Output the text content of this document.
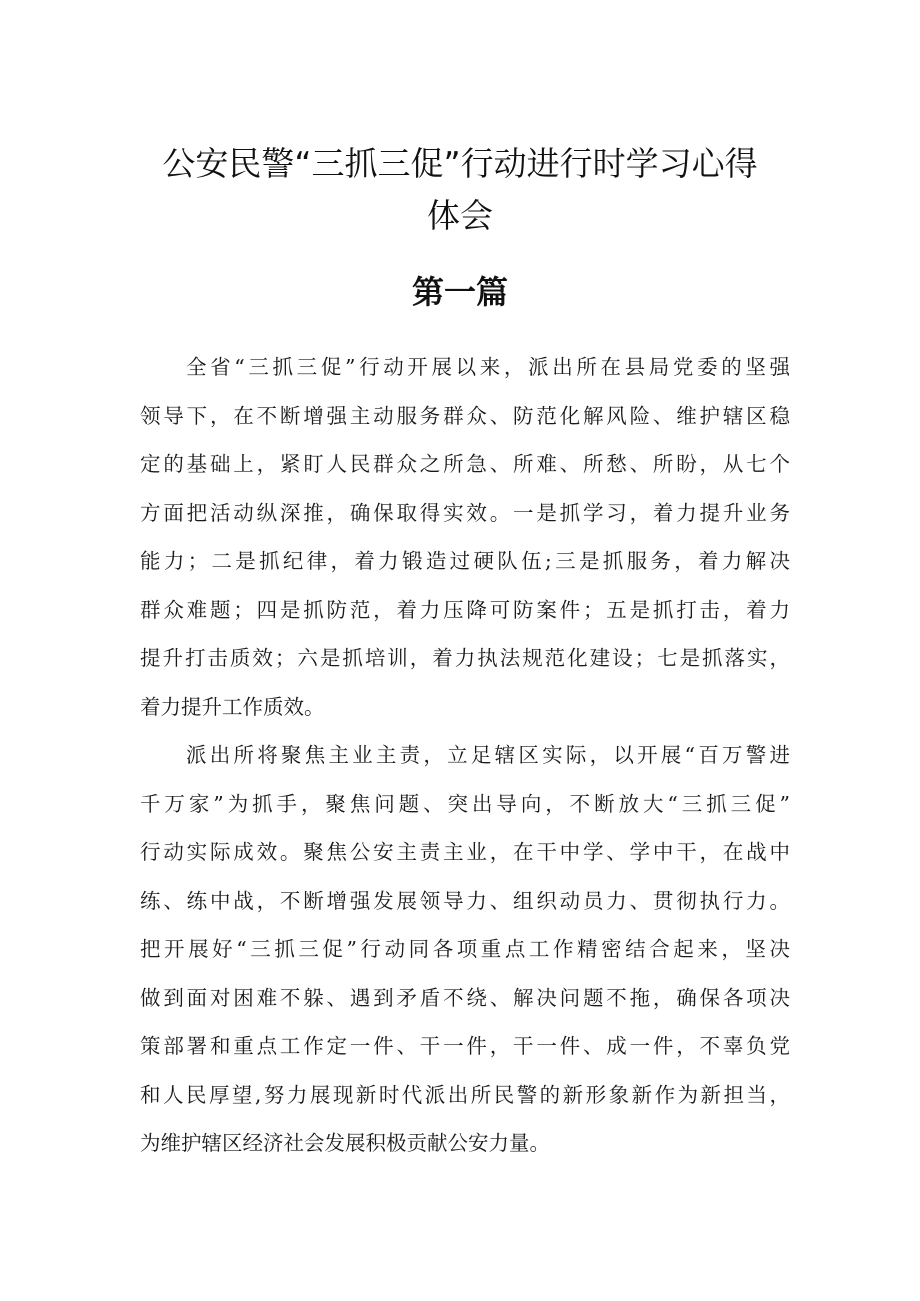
公安民警“三抓三促”行动进行时学习心得
体会
第一篇

全省“三抓三促”行动开展以来，派出所在县局党委的坚强
领导下，在不断增强主动服务群众、防范化解风险、维护辖区稳
定的基础上，紧盯人民群众之所急、所难、所愁、所盼，从七个
方面把活动纵深推，确保取得实效。一是抓学习，着力提升业务
能力；二是抓纪律，着力锻造过硬队伍;三是抓服务，着力解决
群众难题；四是抓防范，着力压降可防案件；五是抓打击，着力
提升打击质效；六是抓培训，着力执法规范化建设；七是抓落实，
着力提升工作质效。

派出所将聚焦主业主责，立足辖区实际，以开展“百万警进
千万家”为抓手，聚焦问题、突出导向，不断放大“三抓三促”
行动实际成效。聚焦公安主责主业，在干中学、学中干，在战中
练、练中战，不断增强发展领导力、组织动员力、贯彻执行力。
把开展好“三抓三促”行动同各项重点工作精密结合起来，坚决
做到面对困难不躲、遇到矛盾不绕、解决问题不拖，确保各项决
策部署和重点工作定一件、干一件，干一件、成一件，不辜负党
和人民厚望,努力展现新时代派出所民警的新形象新作为新担当，
为维护辖区经济社会发展积极贡献公安力量。
